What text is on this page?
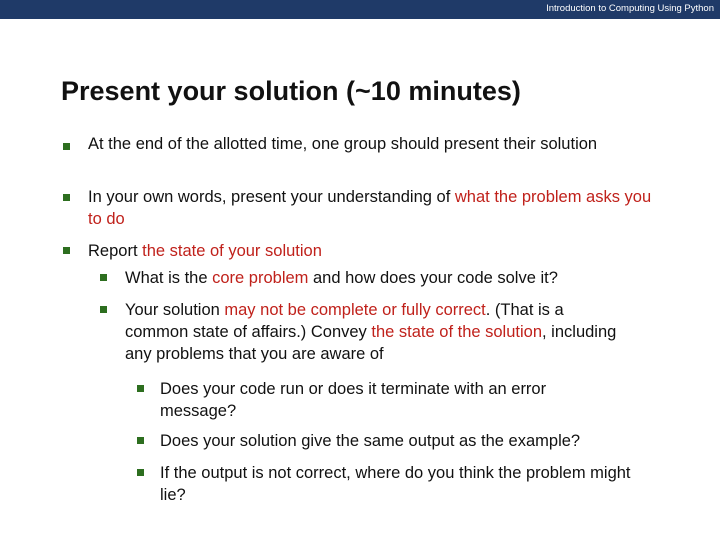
Introduction to Computing Using Python
Present your solution (~10 minutes)
At the end of the allotted time, one group should present their solution
In your own words, present your understanding of what the problem asks you to do
Report the state of your solution
What is the core problem and how does your code solve it?
Your solution may not be complete or fully correct. (That is a common state of affairs.) Convey the state of the solution, including any problems that you are aware of
Does your code run or does it terminate with an error message?
Does your solution give the same output as the example?
If the output is not correct, where do you think the problem might lie?
